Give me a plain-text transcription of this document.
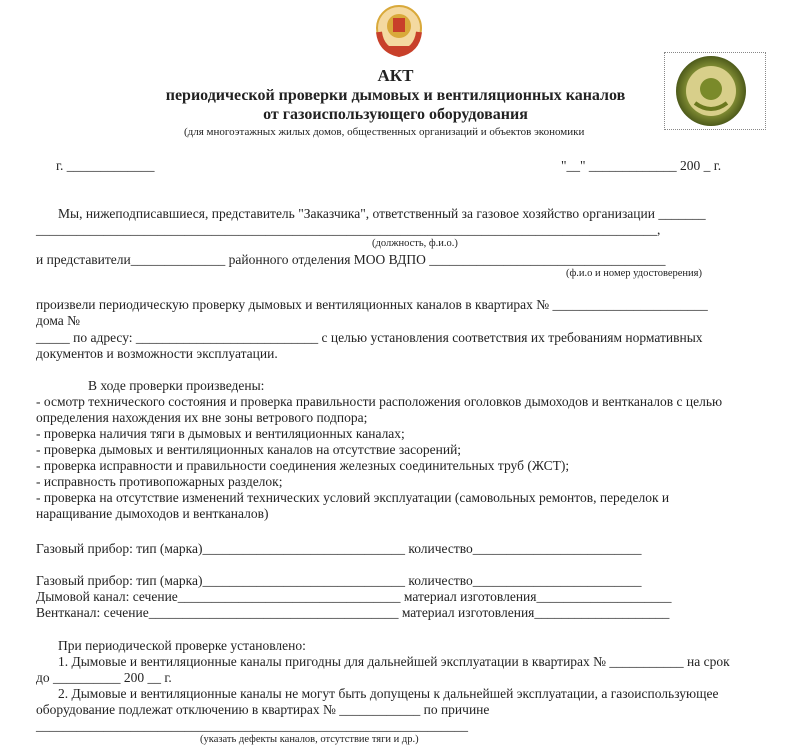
АКТ
периодической проверки дымовых и вентиляционных каналов
от газоиспользующего оборудования
(для многоэтажных жилых домов, общественных организаций и объектов экономики
г. _____________	"__" _____________ 200 _ г.
Мы, нижеподписавшиеся, представитель "Заказчика", ответственный за газовое хозяйство организации _______
____________________________________________________________________________________________,
(должность, ф.и.о.)
и представители______________ районного отделения МОО ВДПО ___________________________________
(ф.и.о и номер удостоверения)
произвели периодическую проверку дымовых и вентиляционных каналов в квартирах № _______________________
дома №
_____ по адресу: ___________________________ с целью установления соответствия их требованиям нормативных
документов и возможности эксплуатации.
В ходе проверки произведены:
- осмотр технического состояния и проверка правильности расположения оголовков дымоходов и вентканалов с целью
определения нахождения их вне зоны ветрового подпора;
- проверка наличия тяги в дымовых и вентиляционных каналах;
- проверка дымовых и вентиляционных каналов на отсутствие засорений;
- проверка исправности и правильности соединения железных соединительных труб (ЖСТ);
- исправность противопожарных разделок;
- проверка на отсутствие изменений технических условий эксплуатации (самовольных ремонтов, переделок и
наращивание дымоходов и вентканалов)
Газовый прибор: тип (марка)______________________________ количество_________________________
Газовый прибор: тип (марка)______________________________ количество_________________________
Дымовой канал: сечение_________________________________ материал изготовления____________________
Вентканал: сечение_____________________________________ материал изготовления____________________
При периодической проверке установлено:
1. Дымовые и вентиляционные каналы пригодны для дальнейшей эксплуатации в квартирах № ___________ на срок
до __________ 200 __ г.
2. Дымовые и вентиляционные каналы не могут быть допущены к дальнейшей эксплуатации, а газоиспользующее
оборудование подлежат отключению в квартирах № ____________ по причине
________________________________________________________________
(указать дефекты каналов, отсутствие тяги и др.)
